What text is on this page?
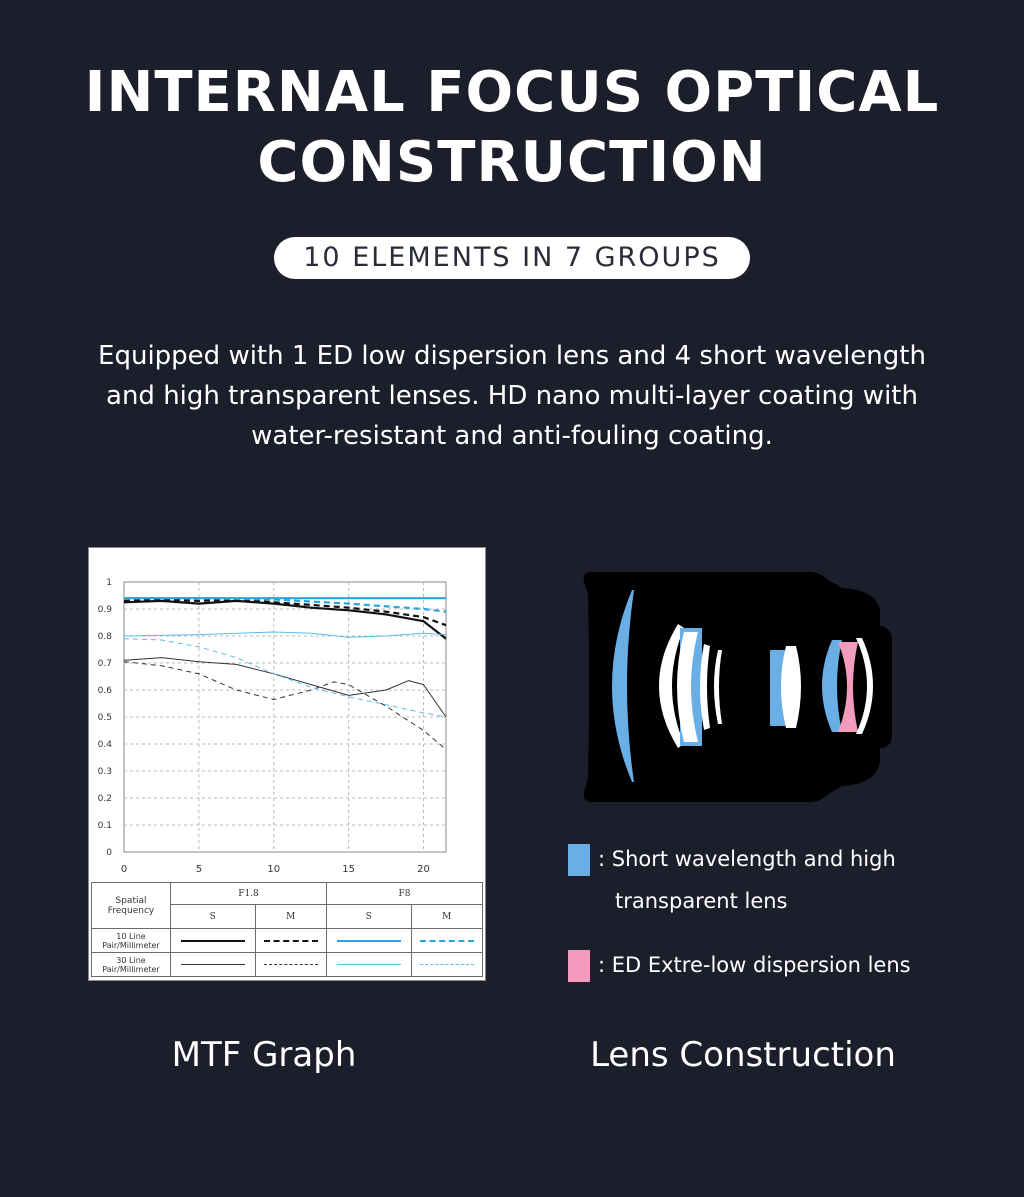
INTERNAL FOCUS OPTICAL
CONSTRUCTION
10 ELEMENTS IN 7 GROUPS
Equipped with 1 ED low dispersion lens and 4 short wavelength
and high transparent lenses. HD nano multi-layer coating with
water-resistant and anti-fouling coating.
0
0.1
0.2
0.3
0.4
0.5
0.6
0.7
0.8
0.9
1
0	5	10	15	20
Spatial Frequency	F1.8		F8	
	S	M	S	M
10 Line Pair/Millimeter	

30 Line Pair/Millimeter	

: Short wavelength and high
transparent lens
: ED Extre-low dispersion lens
MTF Graph	Lens Construction
